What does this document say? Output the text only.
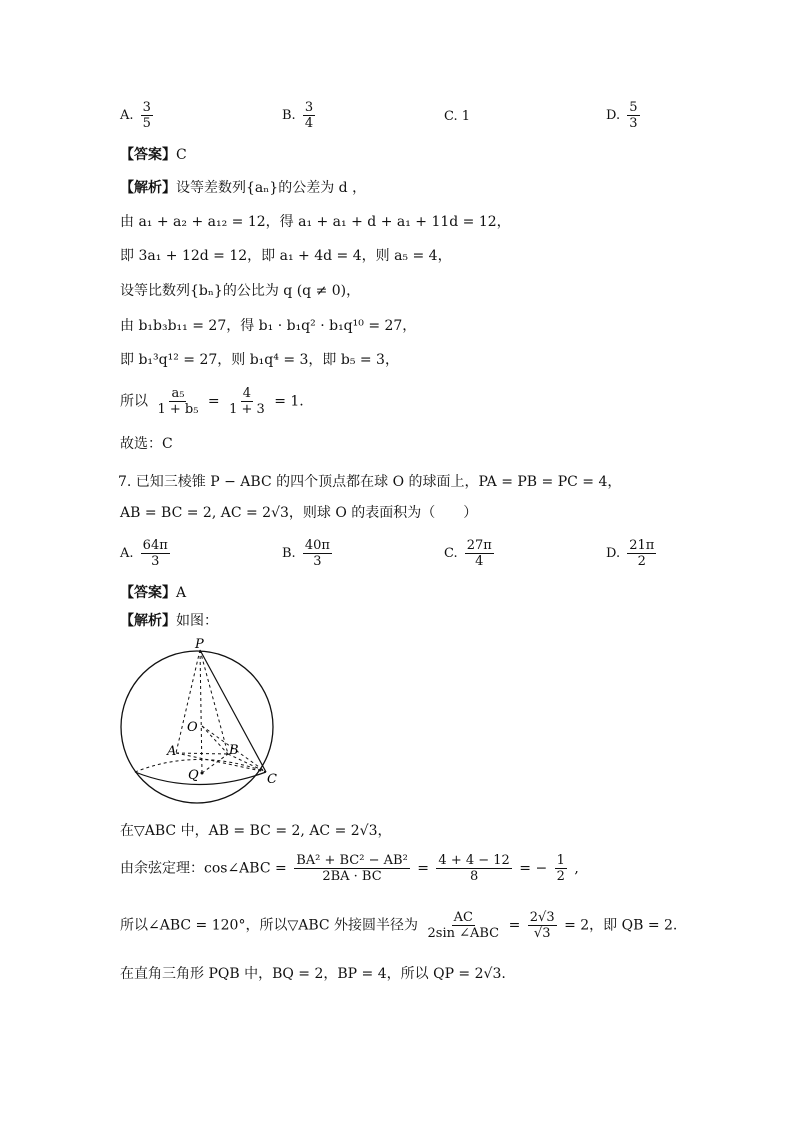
A. $\frac{3}{5}$	B. $\frac{3}{4}$	C. 1	D. $\frac{5}{3}$
【答案】C
【解析】设等差数列{aₙ}的公差为 d ，
由 a₁ + a₂ + a₁₂ = 12，得 a₁ + a₁ + d + a₁ + 11d = 12，
即 3a₁ + 12d = 12，即 a₁ + 4d = 4，则 a₅ = 4，
设等比数列{bₙ}的公比为 q (q ≠ 0)，
由 b₁b₃b₁₁ = 27，得 b₁ · b₁q² · b₁q¹⁰ = 27，
即 b₁³q¹² = 27，则 b₁q⁴ = 3，即 b₅ = 3，
所以 $\frac{\text{a₅}}{\text{1 + b₅}} = \frac{4}{1 + 3} = 1$.
故选：C
7. 已知三棱锥 P − ABC 的四个顶点都在球 O 的球面上，PA = PB = PC = 4，
AB = BC = 2, AC = 2√3，则球 O 的表面积为（　　）
A. $\frac{64\pi}{3}$	B. $\frac{40\pi}{3}$	C. $\frac{27\pi}{4}$	D. $\frac{21\pi}{2}$
【答案】A
【解析】如图：
P
O
A	B
Q	C
在▽ABC 中，AB = BC = 2, AC = 2√3，
由余弦定理：cos∠ABC = $\frac{\text{BA² + BC² − AB²}}{2BA \cdot BC} = \frac{4 + 4 - 12}{8}$ = − $\frac{1}{2}$ ,
所以∠ABC = 120°，所以▽ABC 外接圆半径为 $\frac{AC}{\text{2sin ∠ABC}} = \frac{2√3}{√3} = 2$，即 QB = 2.
在直角三角形 PQB 中，BQ = 2，BP = 4，所以 QP = 2√3.
